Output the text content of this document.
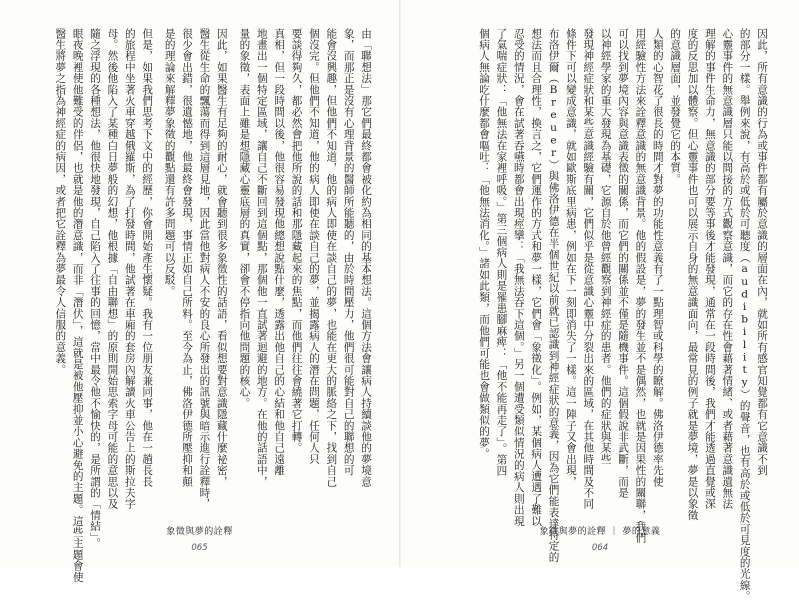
由「聯想法」那它們最終都會被化約為相同的基本想法。這個方法會讓病人持續談他的夢境意
象，而那正是沒有心理背景的醫師所能聽的，由於時間壓力，他們很可能對自己的聯想的可
能會沒興趣，但他們不知道，他的病人即使在談自己的夢，也能在更大的脈絡之下，找到自己
個沒完。但他們不知道，他的病人即使在談自己的夢，並揭露病人的潛在問題，任何人只
要談得夠久，都必然會把他所說的話和那隱藏起來的焦點，而他們往往會繞著它打轉。
真相，但一段時間以後，他很容易發現他總想說點什麼，透露出他自己的心結和他自己遠離
地畫出一個特定區域，讓自己不斷回到這個點，那個他一直試著迴避的地方。在他的話語中，
量的象徵，表面上雖是想隱藏心靈底層的真實，卻會不停指向他問題的核心。
因此，如果醫生有足夠的耐心，就會聽到很多象徵性的話語，看似想要對意識隱藏什麼祕密，
醫生從生命的飄蕩而得到這層見地，因此當他對病人不安的良心所發出的訊號與暗示進行詮釋時，
很少會出錯，很遺憾地，他最終會發現，事情正如自己所料。至今為止，佛洛伊德所壓抑和顛
是的理論來解釋夢象徵的觀點還有許多問題可以反駁。
但是，如果我們思考下文中的經歷，你會開始產生懷疑。我有一位朋友兼同事，他在一趟長長
的旅程中坐著火車穿越俄羅斯，為了打發時間，他試著在車廂的套房內解讀火車公告上的斯拉夫字
母。然後他陷入了某種白日夢般的幻想，他根據「自由聯想」的原則開始思索字母可能的意思以及
隨之浮現的各種想法，他很快地發現，自己陷入了往事的回憶，當中最令他不愉快的，是所謂的「情結」。
眼夜晚裡使他難受的伴侶，也就是他的潛意識，而非「潛伏」，這就是被他壓抑並小心避免的主題。這些主題會使
醫生將夢之指為神經症的病因，或者把它詮釋為夢最令人信服的意義。
象徵與夢的詮釋
065
因此，所有意識的行為或事件都有屬於意識的層面在內，就如所有感官知覺都有它意識不到
的部分一樣。舉例來說，有高於或低於可聽度（audibility）的聲音，也有高於或低於可見度的光線。
心靈事件的無意識層只能以間接的方式觀察意識，而它的存在性會藉著情緒、或者藉著意識遺無法
理解的事件生命力，無意識的部分要等事後才能發現，通常在一段時間後，我們才能透過直覺或深
度的反思加以體察。但心靈事件也可以展示自身的無意識面向，最常見的例子就是夢境，夢是以象徵
的意識層面，並發覺它的本質。
人類的心智花了很長的時間才對夢的功能性意義有了一點理智或科學的瞭解。佛洛伊德率先使
用經驗性方法來詮釋意識的無意識背景。他的假設是，夢的發生並不是偶然，也就是因果性的關聯，我們
可以找到夢境內容與意識表徵的關係，而它們的關係並不僅是隨機事件。這個假說非武斷，而是
以神經學家的重大發現為基礎，它源自於他曾經觀察到神經症的患者。他們的症狀與某些
發現神經症狀和某些意識經驗有關，它們似乎是從意識心靈中分裂出來的區域，在其他時間及不同
條件下可以變成意識，就如歐斯底里病患，例如在下一刻即消失了一樣。這一陣子又會出現，
布洛伊爾（Breuer）與佛洛伊德在半個世紀以前就已認識到神經症狀的意義，因為它們能表達特定的
想法而且合理性，換言之，它們運作的方式和夢一樣，它們會「象徵化」。例如，某個病人遭遇了難以
忍受的情況，會在試著吞嚥時都會出現痙攣：「我無法吞下這個。」另一個遭受類似情況的病人則出現
了氣喘症狀：「他無法在家裡呼吸。」第三個病人則是罹患腳麻痺：「他不能再走了」。第四
個病人無論吃什麼都會嘔吐：「他無法消化。」諸如此類，而他們可能也會做類似的夢。
象徵與夢的詮釋 ｜ 夢的意義
064
